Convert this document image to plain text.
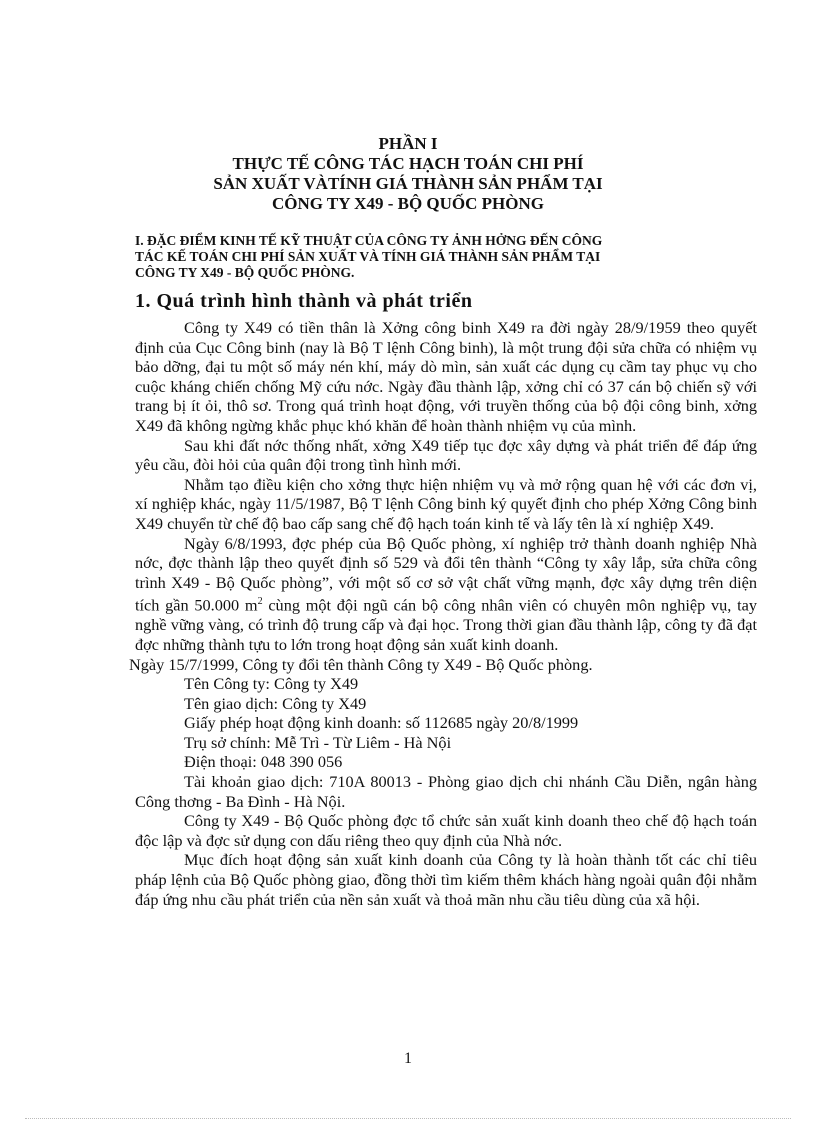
PHẦN I
THỰC TẾ CÔNG TÁC HẠCH TOÁN CHI PHÍ
SẢN XUẤT VÀTÍNH GIÁ THÀNH SẢN PHẨM TẠI
CÔNG TY X49 - BỘ QUỐC PHÒNG
I. ĐẶC ĐIỂM KINH TẾ KỸ THUẬT CỦA CÔNG TY ẢNH HỞNG ĐẾN CÔNG
TÁC KẾ TOÁN CHI PHÍ SẢN XUẤT VÀ TÍNH GIÁ THÀNH SẢN PHẨM TẠI
CÔNG TY X49 - BỘ QUỐC PHÒNG.
1. Quá trình hình thành và phát triển

Công ty X49 có tiền thân là Xởng công binh X49 ra đời ngày 28/9/1959 theo quyết định của Cục Công binh (nay là Bộ T lệnh Công binh), là một trung đội sửa chữa có nhiệm vụ bảo dỡng, đại tu một số máy nén khí, máy dò mìn, sản xuất các dụng cụ cầm tay phục vụ cho cuộc kháng chiến chống Mỹ cứu nớc. Ngày đầu thành lập, xởng chỉ có 37 cán bộ chiến sỹ với trang bị ít ỏi, thô sơ. Trong quá trình hoạt động, với truyền thống của bộ đội công binh, xởng X49 đã không ngừng khắc phục khó khăn để hoàn thành nhiệm vụ của mình.

Sau khi đất nớc thống nhất, xởng X49 tiếp tục đợc xây dựng và phát triển để đáp ứng yêu cầu, đòi hỏi của quân đội trong tình hình mới.

Nhằm tạo điều kiện cho xởng thực hiện nhiệm vụ và mở rộng quan hệ với các đơn vị, xí nghiệp khác, ngày 11/5/1987, Bộ T lệnh Công binh ký quyết định cho phép Xởng Công binh X49 chuyển từ chế độ bao cấp sang chế độ hạch toán kinh tế và lấy tên là xí nghiệp X49.

Ngày 6/8/1993, đợc phép của Bộ Quốc phòng, xí nghiệp trở thành doanh nghiệp Nhà nớc, đợc thành lập theo quyết định số 529 và đổi tên thành “Công ty xây lắp, sửa chữa công trình X49 - Bộ Quốc phòng”, với một số cơ sở vật chất vững mạnh, đợc xây dựng trên diện tích gần 50.000 $m^2$ cùng một đội ngũ cán bộ công nhân viên có chuyên môn nghiệp vụ, tay nghề vững vàng, có trình độ trung cấp và đại học. Trong thời gian đầu thành lập, công ty đã đạt đợc những thành tựu to lớn trong hoạt động sản xuất kinh doanh.

Ngày 15/7/1999, Công ty đổi tên thành Công ty X49 - Bộ Quốc phòng.

Tên Công ty: Công ty X49

Tên giao dịch: Công ty X49

Giấy phép hoạt động kinh doanh: số 112685 ngày 20/8/1999

Trụ sở chính: Mễ Trì - Từ Liêm - Hà Nội

Điện thoại: 048 390 056

Tài khoản giao dịch: 710A 80013 - Phòng giao dịch chi nhánh Cầu Diễn, ngân hàng Công thơng - Ba Đình - Hà Nội.

Công ty X49 - Bộ Quốc phòng đợc tổ chức sản xuất kinh doanh theo chế độ hạch toán độc lập và đợc sử dụng con dấu riêng theo quy định của Nhà nớc.

Mục đích hoạt động sản xuất kinh doanh của Công ty là hoàn thành tốt các chỉ tiêu pháp lệnh của Bộ Quốc phòng giao, đồng thời tìm kiếm thêm khách hàng ngoài quân đội nhằm đáp ứng nhu cầu phát triển của nền sản xuất và thoả mãn nhu cầu tiêu dùng của xã hội.

1
